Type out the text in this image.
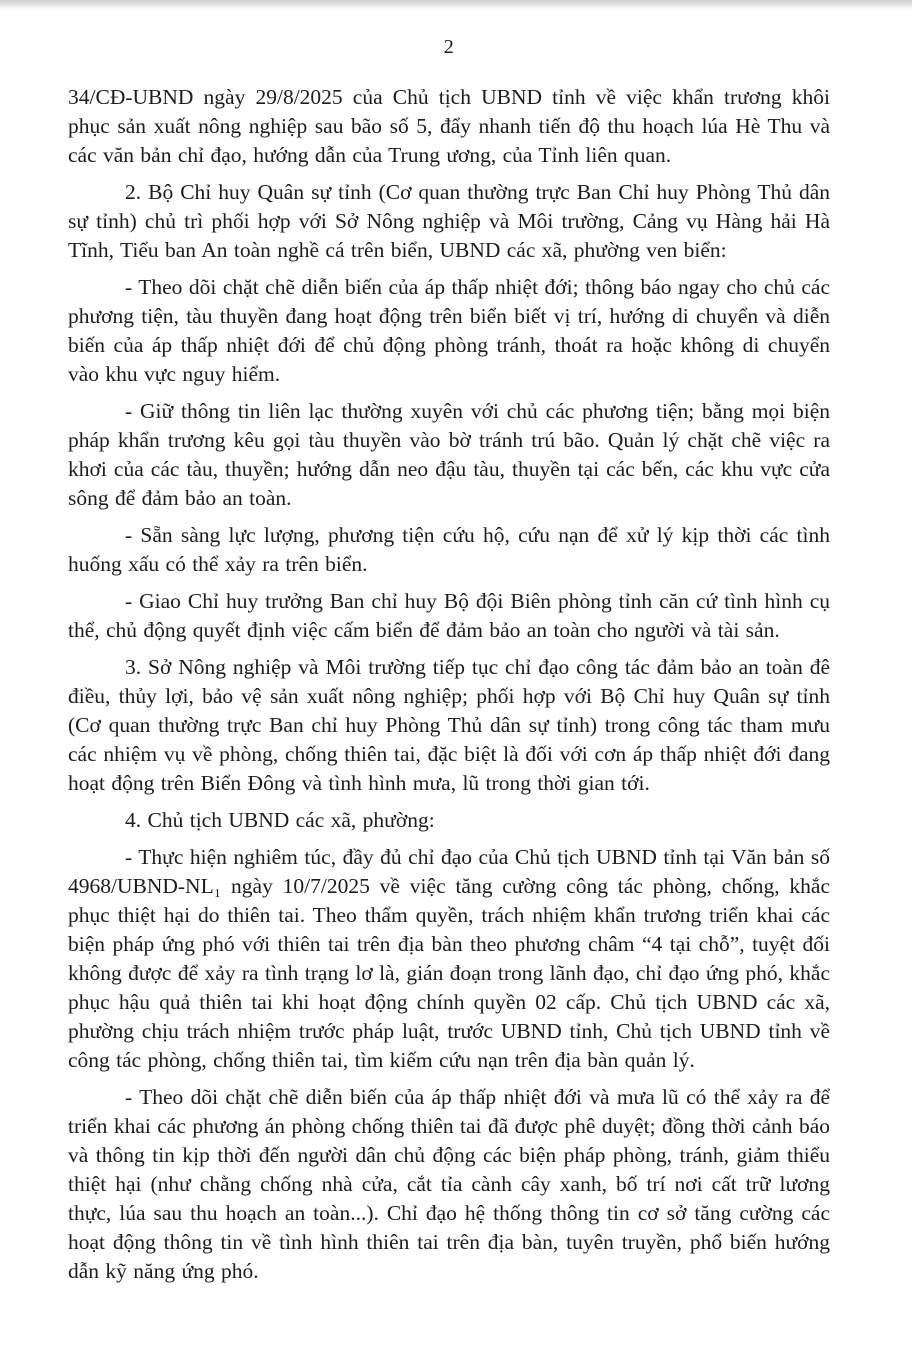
2

34/CĐ-UBND ngày 29/8/2025 của Chủ tịch UBND tỉnh về việc khẩn trương khôi phục sản xuất nông nghiệp sau bão số 5, đẩy nhanh tiến độ thu hoạch lúa Hè Thu và các văn bản chỉ đạo, hướng dẫn của Trung ương, của Tỉnh liên quan.

2. Bộ Chỉ huy Quân sự tỉnh (Cơ quan thường trực Ban Chỉ huy Phòng Thủ dân sự tỉnh) chủ trì phối hợp với Sở Nông nghiệp và Môi trường, Cảng vụ Hàng hải Hà Tĩnh, Tiểu ban An toàn nghề cá trên biển, UBND các xã, phường ven biển:

- Theo dõi chặt chẽ diễn biến của áp thấp nhiệt đới; thông báo ngay cho chủ các phương tiện, tàu thuyền đang hoạt động trên biển biết vị trí, hướng di chuyển và diễn biến của áp thấp nhiệt đới để chủ động phòng tránh, thoát ra hoặc không di chuyển vào khu vực nguy hiểm.

- Giữ thông tin liên lạc thường xuyên với chủ các phương tiện; bằng mọi biện pháp khẩn trương kêu gọi tàu thuyền vào bờ tránh trú bão. Quản lý chặt chẽ việc ra khơi của các tàu, thuyền; hướng dẫn neo đậu tàu, thuyền tại các bến, các khu vực cửa sông để đảm bảo an toàn.

- Sẵn sàng lực lượng, phương tiện cứu hộ, cứu nạn để xử lý kịp thời các tình huống xấu có thể xảy ra trên biển.

- Giao Chỉ huy trưởng Ban chỉ huy Bộ đội Biên phòng tỉnh căn cứ tình hình cụ thể, chủ động quyết định việc cấm biển để đảm bảo an toàn cho người và tài sản.

3. Sở Nông nghiệp và Môi trường tiếp tục chỉ đạo công tác đảm bảo an toàn đê điều, thủy lợi, bảo vệ sản xuất nông nghiệp; phối hợp với Bộ Chỉ huy Quân sự tỉnh (Cơ quan thường trực Ban chỉ huy Phòng Thủ dân sự tỉnh) trong công tác tham mưu các nhiệm vụ về phòng, chống thiên tai, đặc biệt là đối với cơn áp thấp nhiệt đới đang hoạt động trên Biển Đông và tình hình mưa, lũ trong thời gian tới.

4. Chủ tịch UBND các xã, phường:

- Thực hiện nghiêm túc, đầy đủ chỉ đạo của Chủ tịch UBND tỉnh tại Văn bản số 4968/UBND-NL₁ ngày 10/7/2025 về việc tăng cường công tác phòng, chống, khắc phục thiệt hại do thiên tai. Theo thẩm quyền, trách nhiệm khẩn trương triển khai các biện pháp ứng phó với thiên tai trên địa bàn theo phương châm “4 tại chỗ”, tuyệt đối không được để xảy ra tình trạng lơ là, gián đoạn trong lãnh đạo, chỉ đạo ứng phó, khắc phục hậu quả thiên tai khi hoạt động chính quyền 02 cấp. Chủ tịch UBND các xã, phường chịu trách nhiệm trước pháp luật, trước UBND tỉnh, Chủ tịch UBND tỉnh về công tác phòng, chống thiên tai, tìm kiếm cứu nạn trên địa bàn quản lý.

- Theo dõi chặt chẽ diễn biến của áp thấp nhiệt đới và mưa lũ có thể xảy ra để triển khai các phương án phòng chống thiên tai đã được phê duyệt; đồng thời cảnh báo và thông tin kịp thời đến người dân chủ động các biện pháp phòng, tránh, giảm thiểu thiệt hại (như chằng chống nhà cửa, cắt tỉa cành cây xanh, bố trí nơi cất trữ lương thực, lúa sau thu hoạch an toàn...). Chỉ đạo hệ thống thông tin cơ sở tăng cường các hoạt động thông tin về tình hình thiên tai trên địa bàn, tuyên truyền, phổ biến hướng dẫn kỹ năng ứng phó.
